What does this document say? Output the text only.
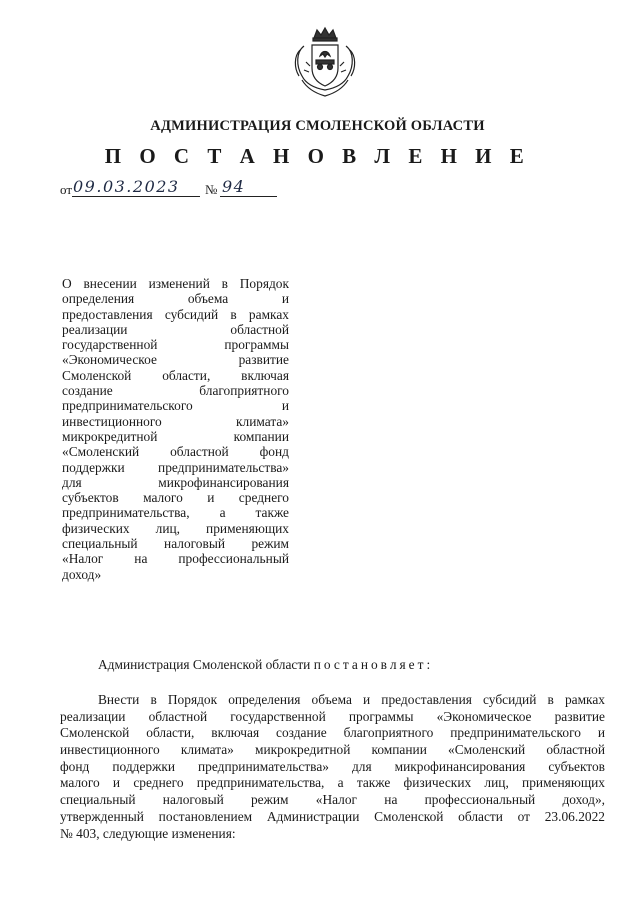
АДМИНИСТРАЦИЯ СМОЛЕНСКОЙ ОБЛАСТИ
П О С Т А Н О В Л Е Н И Е
от 09.03.2023 № 94
О внесении изменений в Порядок
определения объема и
предоставления субсидий в рамках
реализации областной
государственной программы
«Экономическое развитие
Смоленской области, включая
создание благоприятного
предпринимательского и
инвестиционного климата»
микрокредитной компании
«Смоленский областной фонд
поддержки предпринимательства»
для микрофинансирования
субъектов малого и среднего
предпринимательства, а также
физических лиц, применяющих
специальный налоговый режим
«Налог на профессиональный
доход»
Администрация Смоленской области постановляет:
Внести в Порядок определения объема и предоставления субсидий в рамках
реализации областной государственной программы «Экономическое развитие
Смоленской области, включая создание благоприятного предпринимательского и
инвестиционного климата» микрокредитной компании «Смоленский областной
фонд поддержки предпринимательства» для микрофинансирования субъектов
малого и среднего предпринимательства, а также физических лиц, применяющих
специальный налоговый режим «Налог на профессиональный доход»,
утвержденный постановлением Администрации Смоленской области от 23.06.2022
№ 403, следующие изменения:
